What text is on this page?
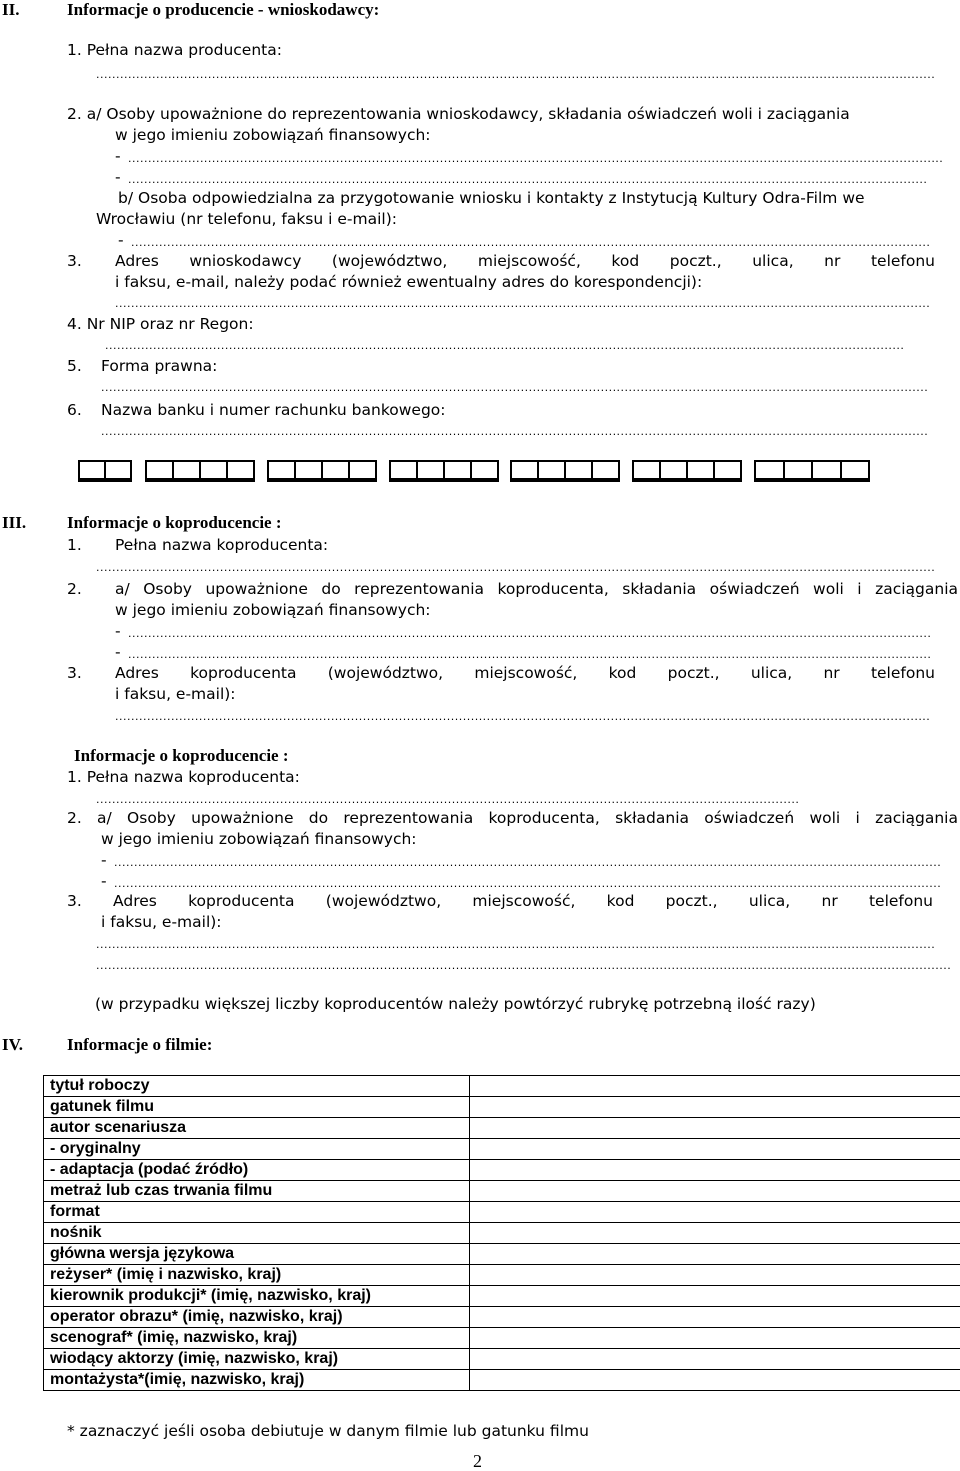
II.	Informacje o producencie - wnioskodawcy:
1. Pełna nazwa producenta:
.....
2. a/ Osoby upoważnione do reprezentowania wnioskodawcy, składania oświadczeń woli i zaciągania
w jego imieniu zobowiązań finansowych:
-
.....
-
.....
b/ Osoba odpowiedzialna za przygotowanie wniosku i kontakty z Instytucją Kultury Odra-Film we
Wrocławiu (nr telefonu, faksu i e-mail):
-
.....
3. Adres wnioskodawcy (województwo, miejscowość, kod poczt., ulica, nr telefonu
i faksu, e-mail, należy podać również ewentualny adres do korespondencji):
.....
4. Nr NIP oraz nr Regon:
.....
5. Forma prawna:
.....
6. Nazwa banku i numer rachunku bankowego:
.....
III. Informacje o koproducencie :
1. Pełna nazwa koproducenta:
.....
2. a/ Osoby upoważnione do reprezentowania koproducenta, składania oświadczeń woli i zaciągania
w jego imieniu zobowiązań finansowych:
-
.....
-
.....
3. Adres koproducenta (województwo, miejscowość, kod poczt., ulica, nr telefonu
i faksu, e-mail):
.....
Informacje o koproducencie :
1. Pełna nazwa koproducenta:
.....
2. a/ Osoby upoważnione do reprezentowania koproducenta, składania oświadczeń woli i zaciągania
w jego imieniu zobowiązań finansowych:
-
.....
-
.....
3. Adres koproducenta (województwo, miejscowość, kod poczt., ulica, nr telefonu
i faksu, e-mail):
.....
.....
(w przypadku większej liczby koproducentów należy powtórzyć rubrykę potrzebną ilość razy)
IV.	Informacje o filmie:
tytuł roboczy	
gatunek filmu	
autor scenariusza	
- oryginalny	
- adaptacja (podać źródło)	
metraż lub czas trwania filmu	
format	
nośnik	
główna wersja językowa	
reżyser* (imię i nazwisko, kraj)	
kierownik produkcji* (imię, nazwisko, kraj)	
operator obrazu* (imię, nazwisko, kraj)	
scenograf* (imię, nazwisko, kraj)	
wiodący aktorzy (imię, nazwisko, kraj)	
montażysta*(imię, nazwisko, kraj)	
* zaznaczyć jeśli osoba debiutuje w danym filmie lub gatunku filmu
2
